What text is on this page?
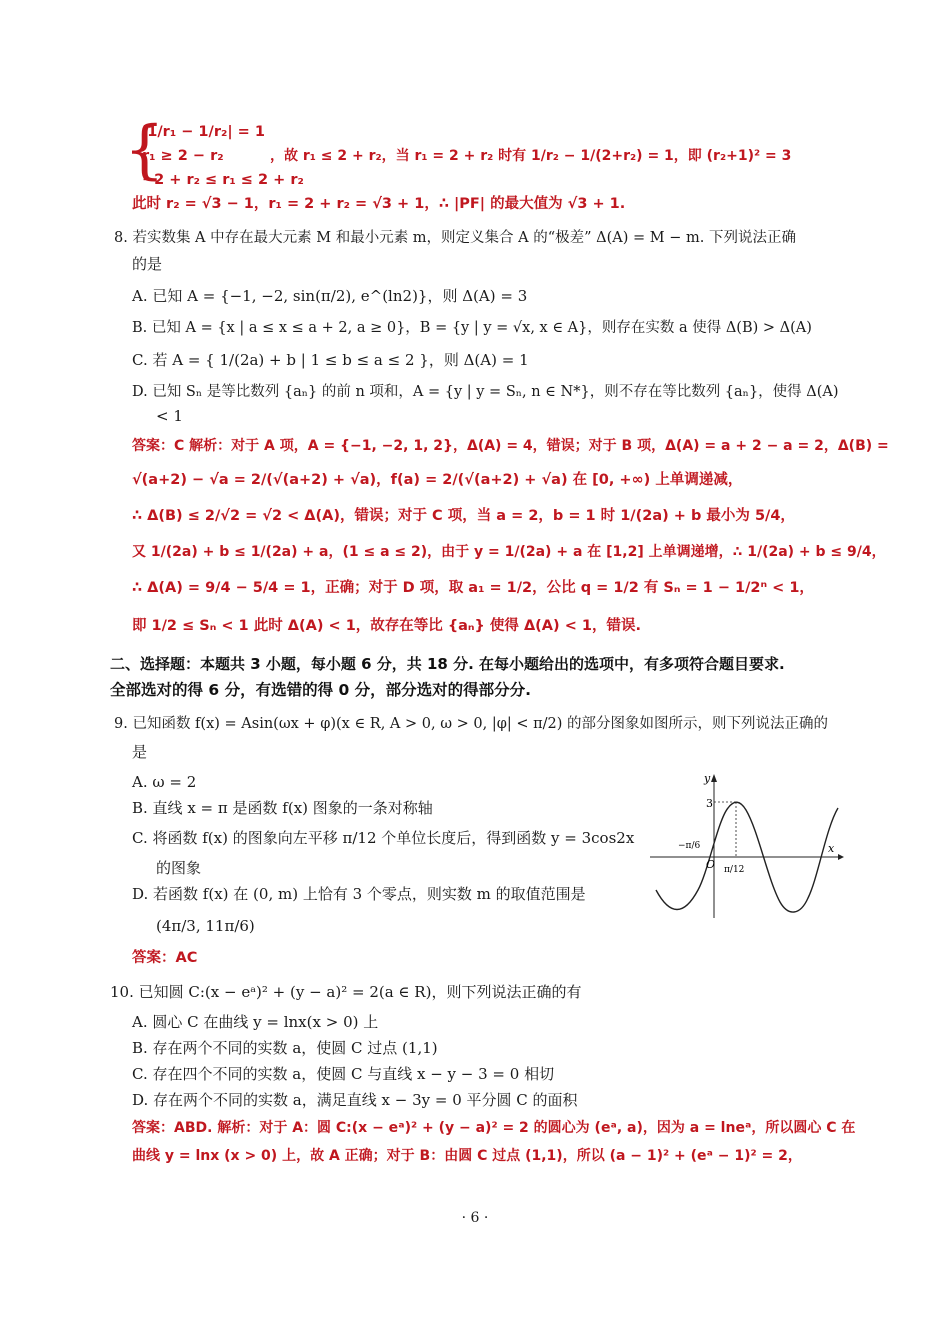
{
|1/r₁ − 1/r₂| = 1
r₁ ≥ 2 − r₂
−2 + r₂ ≤ r₁ ≤ 2 + r₂
，故 r₁ ≤ 2 + r₂，当 r₁ = 2 + r₂ 时有 1/r₂ − 1/(2+r₂) = 1，即 (r₂+1)² = 3
此时 r₂ = √3 − 1，r₁ = 2 + r₂ = √3 + 1，∴ |PF| 的最大值为 √3 + 1.
8. 若实数集 A 中存在最大元素 M 和最小元素 m，则定义集合 A 的“极差” Δ(A) = M − m. 下列说法正确
的是
A. 已知 A = {−1, −2, sin(π/2), e^(ln2)}，则 Δ(A) = 3
B. 已知 A = {x | a ≤ x ≤ a + 2, a ≥ 0}，B = {y | y = √x, x ∈ A}，则存在实数 a 使得 Δ(B) > Δ(A)
C. 若 A = { 1/(2a) + b | 1 ≤ b ≤ a ≤ 2 }，则 Δ(A) = 1
D. 已知 Sₙ 是等比数列 {aₙ} 的前 n 项和，A = {y | y = Sₙ, n ∈ N*}，则不存在等比数列 {aₙ}，使得 Δ(A)
< 1
答案：C 解析：对于 A 项，A = {−1, −2, 1, 2}，Δ(A) = 4，错误；对于 B 项，Δ(A) = a + 2 − a = 2，Δ(B) =
√(a+2) − √a = 2/(√(a+2) + √a)，f(a) = 2/(√(a+2) + √a) 在 [0, +∞) 上单调递减，
∴ Δ(B) ≤ 2/√2 = √2 < Δ(A)，错误；对于 C 项，当 a = 2，b = 1 时 1/(2a) + b 最小为 5/4，
又 1/(2a) + b ≤ 1/(2a) + a，(1 ≤ a ≤ 2)，由于 y = 1/(2a) + a 在 [1,2] 上单调递增，∴ 1/(2a) + b ≤ 9/4，
∴ Δ(A) = 9/4 − 5/4 = 1，正确；对于 D 项，取 a₁ = 1/2，公比 q = 1/2 有 Sₙ = 1 − 1/2ⁿ < 1，
即 1/2 ≤ Sₙ < 1 此时 Δ(A) < 1，故存在等比 {aₙ} 使得 Δ(A) < 1，错误.
二、选择题：本题共 3 小题，每小题 6 分，共 18 分. 在每小题给出的选项中，有多项符合题目要求.
全部选对的得 6 分，有选错的得 0 分，部分选对的得部分分.
9. 已知函数 f(x) = Asin(ωx + φ)(x ∈ R, A > 0, ω > 0, |φ| < π/2) 的部分图象如图所示，则下列说法正确的
是
A. ω = 2
B. 直线 x = π 是函数 f(x) 图象的一条对称轴
C. 将函数 f(x) 的图象向左平移 π/12 个单位长度后，得到函数 y = 3cos2x
的图象
D. 若函数 f(x) 在 (0, m) 上恰有 3 个零点，则实数 m 的取值范围是
(4π/3, 11π/6)
答案：AC
y
x
3
O
−π/6
π/12
10. 已知圆 C:(x − eᵃ)² + (y − a)² = 2(a ∈ R)，则下列说法正确的有
A. 圆心 C 在曲线 y = lnx(x > 0) 上
B. 存在两个不同的实数 a，使圆 C 过点 (1,1)
C. 存在四个不同的实数 a，使圆 C 与直线 x − y − 3 = 0 相切
D. 存在两个不同的实数 a，满足直线 x − 3y = 0 平分圆 C 的面积
答案：ABD. 解析：对于 A：圆 C:(x − eᵃ)² + (y − a)² = 2 的圆心为 (eᵃ, a)，因为 a = lneᵃ，所以圆心 C 在
曲线 y = lnx (x > 0) 上，故 A 正确；对于 B：由圆 C 过点 (1,1)，所以 (a − 1)² + (eᵃ − 1)² = 2，
· 6 ·
